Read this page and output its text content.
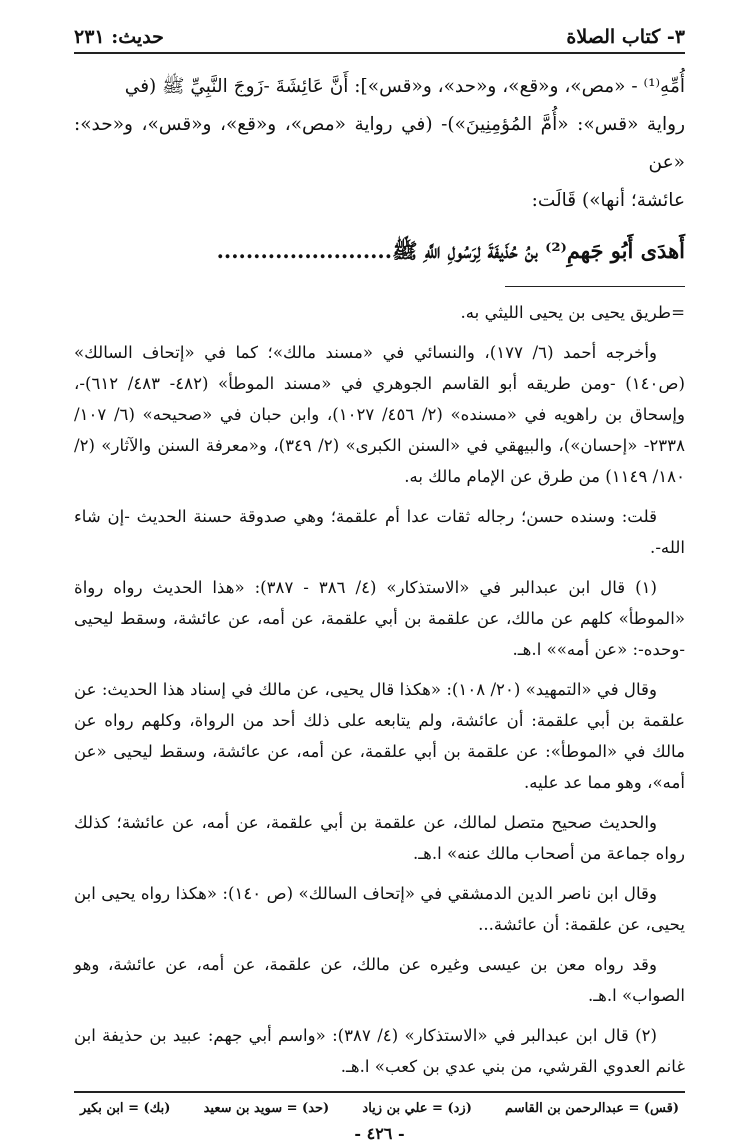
٣- كتاب الصلاة
حديث: ٢٣١
أُمِّهِ⁽¹⁾ - «مص»، و«قع»، و«حد»، و«قس»]: أَنَّ عَائِشَةَ -زَوجَ النَّبِيِّ ﷺ (في
رواية «قس»: «أُمَّ المُؤمِنِينَ»)- (في رواية «مص»، و«قع»، و«قس»، و«حد»: «عن
عائشة؛ أنها») قَالَت:
أَهدَى أَبُو جَهمِ⁽²⁾ بنُ حُذَيفَةَ لِرَسُولِ اللَّهِ ﷺ........................

=طريق يحيى بن يحيى الليثي به.

وأخرجه أحمد (٦/ ١٧٧)، والنسائي في «مسند مالك»؛ كما في «إتحاف السالك» (ص١٤٠) -ومن طريقه أبو القاسم الجوهري في «مسند الموطأ» (٤٨٢- ٤٨٣/ ٦١٢)-، وإسحاق بن راهويه في «مسنده» (٢/ ٤٥٦/ ١٠٢٧)، وابن حبان في «صحيحه» (٦/ ١٠٧/ ٢٣٣٨- «إحسان»)، والبيهقي في «السنن الكبرى» (٢/ ٣٤٩)، و«معرفة السنن والآثار» (٢/ ١٨٠/ ١١٤٩) من طرق عن الإمام مالك به.

قلت: وسنده حسن؛ رجاله ثقات عدا أم علقمة؛ وهي صدوقة حسنة الحديث -إن شاء الله-.

(١) قال ابن عبدالبر في «الاستذكار» (٤/ ٣٨٦ - ٣٨٧): «هذا الحديث رواه رواة «الموطأ» كلهم عن مالك، عن علقمة بن أبي علقمة، عن أمه، عن عائشة، وسقط ليحيى -وحده-: «عن أمه»» ا.هـ.

وقال في «التمهيد» (٢٠/ ١٠٨): «هكذا قال يحيى، عن مالك في إسناد هذا الحديث: عن علقمة بن أبي علقمة: أن عائشة، ولم يتابعه على ذلك أحد من الرواة، وكلهم رواه عن مالك في «الموطأ»: عن علقمة بن أبي علقمة، عن أمه، عن عائشة، وسقط ليحيى «عن أمه»، وهو مما عد عليه.

والحديث صحيح متصل لمالك، عن علقمة بن أبي علقمة، عن أمه، عن عائشة؛ كذلك رواه جماعة من أصحاب مالك عنه» ا.هـ.

وقال ابن ناصر الدين الدمشقي في «إتحاف السالك» (ص ١٤٠): «هكذا رواه يحيى ابن يحيى، عن علقمة: أن عائشة...

وقد رواه معن بن عيسى وغيره عن مالك، عن علقمة، عن أمه، عن عائشة، وهو الصواب» ا.هـ.

(٢) قال ابن عبدالبر في «الاستذكار» (٤/ ٣٨٧): «واسم أبي جهم: عبيد بن حذيفة ابن غانم العدوي القرشي، من بني عدي بن كعب» ا.هـ.

(قس) = عبدالرحمن بن القاسم
(زد) = علي بن زياد
(حد) = سويد بن سعيد
(بك) = ابن بكير
- ٤٢٦ -
